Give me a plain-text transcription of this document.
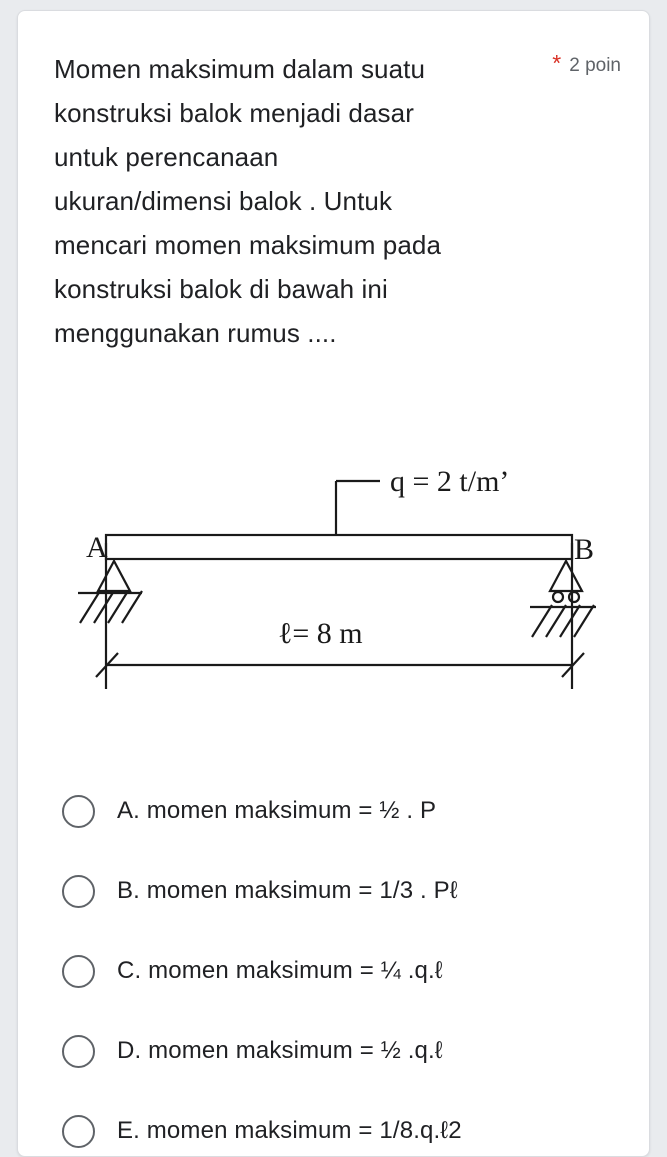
Momen maksimum dalam suatu konstruksi balok menjadi dasar untuk perencanaan ukuran/dimensi balok . Untuk  mencari momen maksimum pada konstruksi balok di bawah ini menggunakan rumus ....
* 2 poin
q = 2 t/m’
A	B
ℓ= 8 m
A. momen maksimum = ½ . P
B. momen maksimum = 1/3 . Pℓ
C. momen maksimum = ¼ .q.ℓ
D. momen maksimum = ½ .q.ℓ
E. momen maksimum = 1/8.q.ℓ2
